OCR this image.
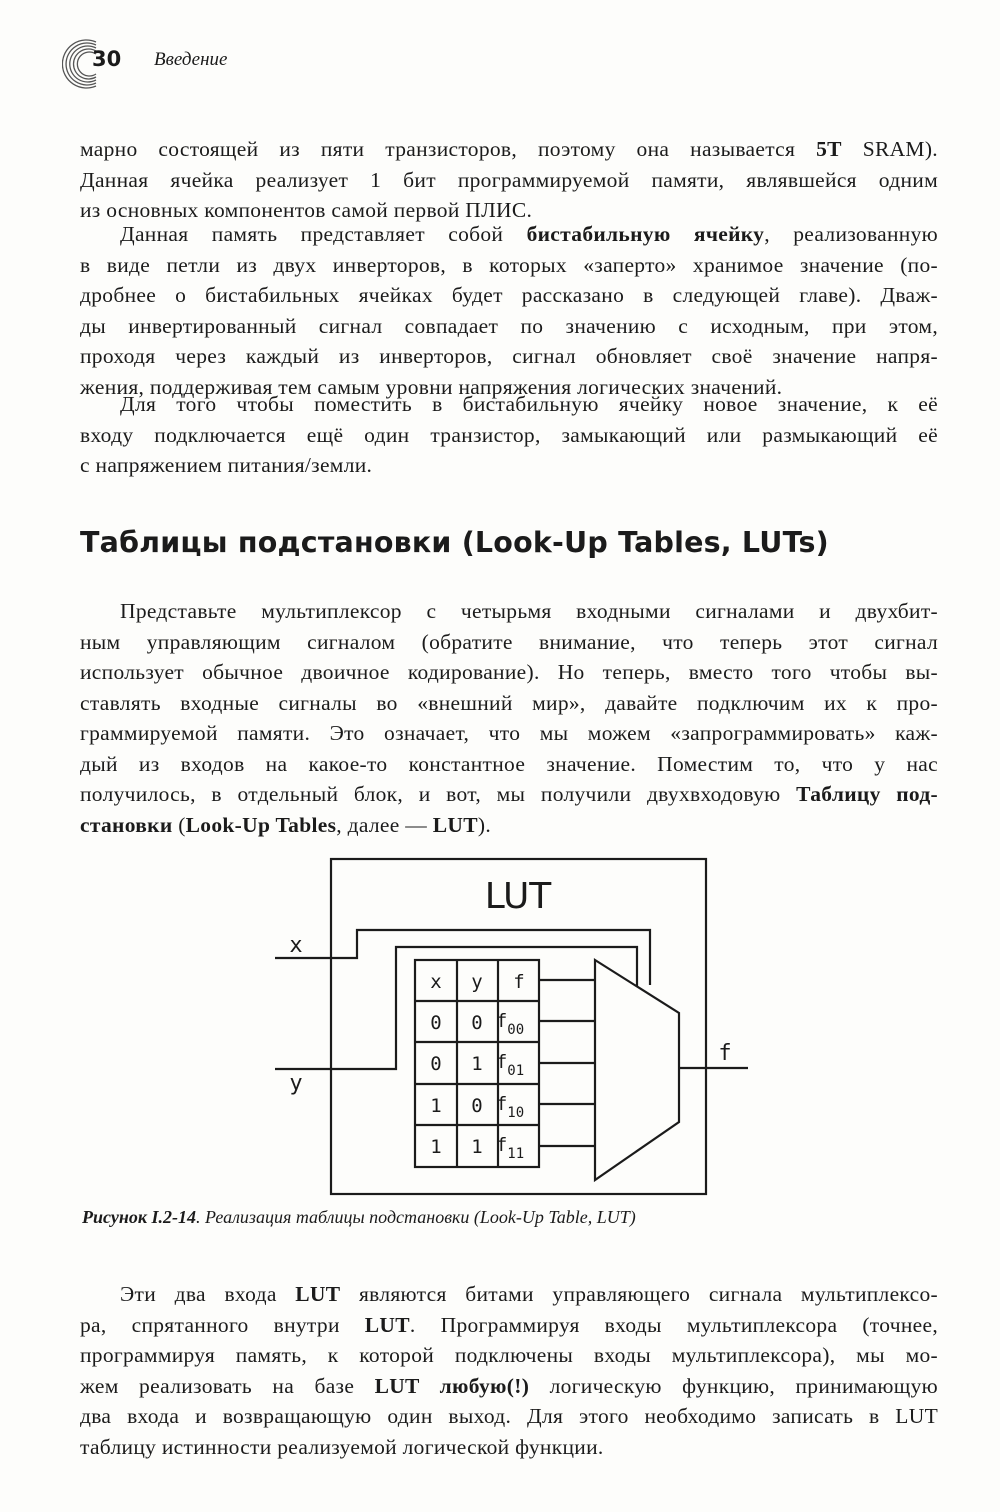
30 Введение
марно состоящей из пяти транзисторов, поэтому она называется 5T SRAM).
Данная ячейка реализует 1 бит программируемой памяти, являвшейся одним
из основных компонентов самой первой ПЛИС.
Данная память представляет собой бистабильную ячейку, реализованную
в виде петли из двух инверторов, в которых «заперто» хранимое значение (по-
дробнее о бистабильных ячейках будет рассказано в следующей главе). Дваж-
ды инвертированный сигнал совпадает по значению с исходным, при этом,
проходя через каждый из инверторов, сигнал обновляет своё значение напря-
жения, поддерживая тем самым уровни напряжения логических значений.
Для того чтобы поместить в бистабильную ячейку новое значение, к её
входу подключается ещё один транзистор, замыкающий или размыкающий её
с напряжением питания/земли.
Таблицы подстановки (Look-Up Tables, LUTs)
Представьте мультиплексор с четырьмя входными сигналами и двухбит-
ным управляющим сигналом (обратите внимание, что теперь этот сигнал
использует обычное двоичное кодирование). Но теперь, вместо того чтобы вы-
ставлять входные сигналы во «внешний мир», давайте подключим их к про-
граммируемой памяти. Это означает, что мы можем «запрограммировать» каж-
дый из входов на какое-то константное значение. Поместим то, что у нас
получилось, в отдельный блок, и вот, мы получили двухвходовую Таблицу под-
становки (Look-Up Tables, далее — LUT).
LUT
x
y
x y f
0 0 $f_{00}$
0 1 $f_{01}$
1 0 $f_{10}$
1 1 $f_{11}$
f
Рисунок I.2-14. Реализация таблицы подстановки (Look-Up Table, LUT)
Эти два входа LUT являются битами управляющего сигнала мультиплексо-
ра, спрятанного внутри LUT. Программируя входы мультиплексора (точнее,
программируя память, к которой подключены входы мультиплексора), мы мо-
жем реализовать на базе LUT любую(!) логическую функцию, принимающую
два входа и возвращающую один выход. Для этого необходимо записать в LUT
таблицу истинности реализуемой логической функции.
